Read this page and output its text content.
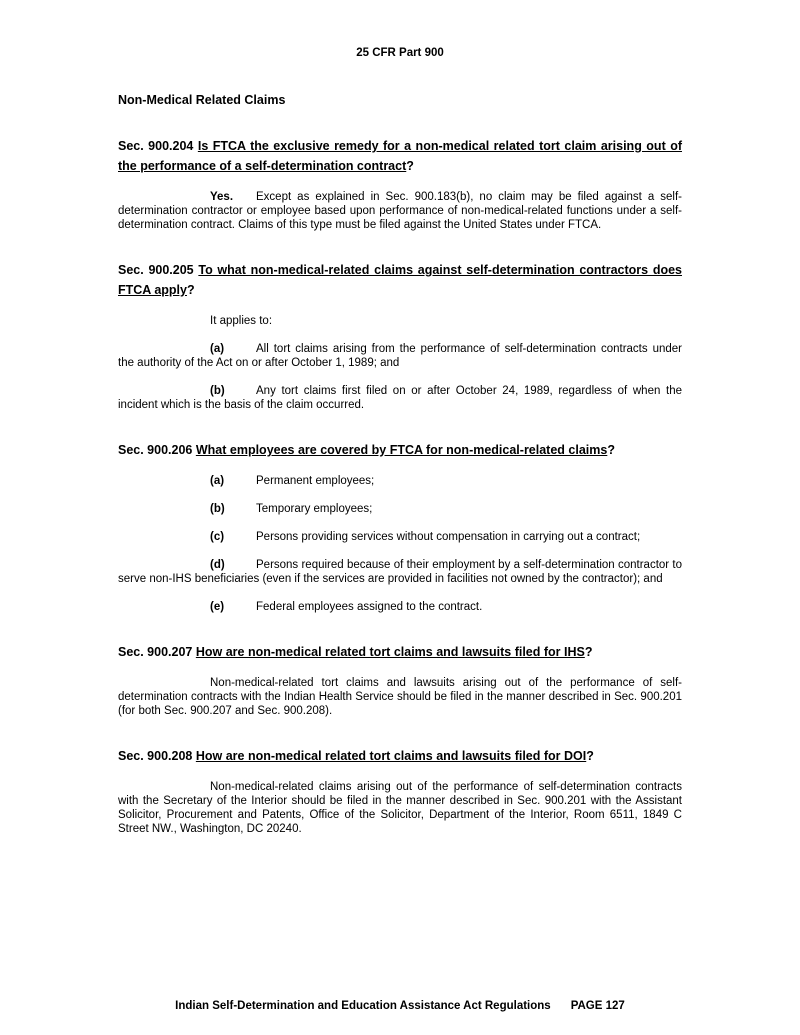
25 CFR Part 900
Non-Medical Related Claims
Sec. 900.204 Is FTCA the exclusive remedy for a non-medical related tort claim arising out of the performance of a self-determination contract?

Yes. Except as explained in Sec. 900.183(b), no claim may be filed against a self-determination contractor or employee based upon performance of non-medical-related functions under a self-determination contract. Claims of this type must be filed against the United States under FTCA.

Sec. 900.205 To what non-medical-related claims against self-determination contractors does FTCA apply?

It applies to:

(a)	All tort claims arising from the performance of self-determination contracts under the authority of the Act on or after October 1, 1989; and

(b)	Any tort claims first filed on or after October 24, 1989, regardless of when the incident which is the basis of the claim occurred.

Sec. 900.206 What employees are covered by FTCA for non-medical-related claims?

(a)	Permanent employees;

(b)	Temporary employees;

(c)	Persons providing services without compensation in carrying out a contract;

(d)	Persons required because of their employment by a self-determination contractor to serve non-IHS beneficiaries (even if the services are provided in facilities not owned by the contractor); and

(e)	Federal employees assigned to the contract.

Sec. 900.207 How are non-medical related tort claims and lawsuits filed for IHS?

Non-medical-related tort claims and lawsuits arising out of the performance of self-determination contracts with the Indian Health Service should be filed in the manner described in Sec. 900.201 (for both Sec. 900.207 and Sec. 900.208).

Sec. 900.208 How are non-medical related tort claims and lawsuits filed for DOI?

Non-medical-related claims arising out of the performance of self-determination contracts with the Secretary of the Interior should be filed in the manner described in Sec. 900.201 with the Assistant Solicitor, Procurement and Patents, Office of the Solicitor, Department of the Interior, Room 6511, 1849 C Street NW., Washington, DC 20240.

Indian Self-Determination and Education Assistance Act Regulations PAGE 127
